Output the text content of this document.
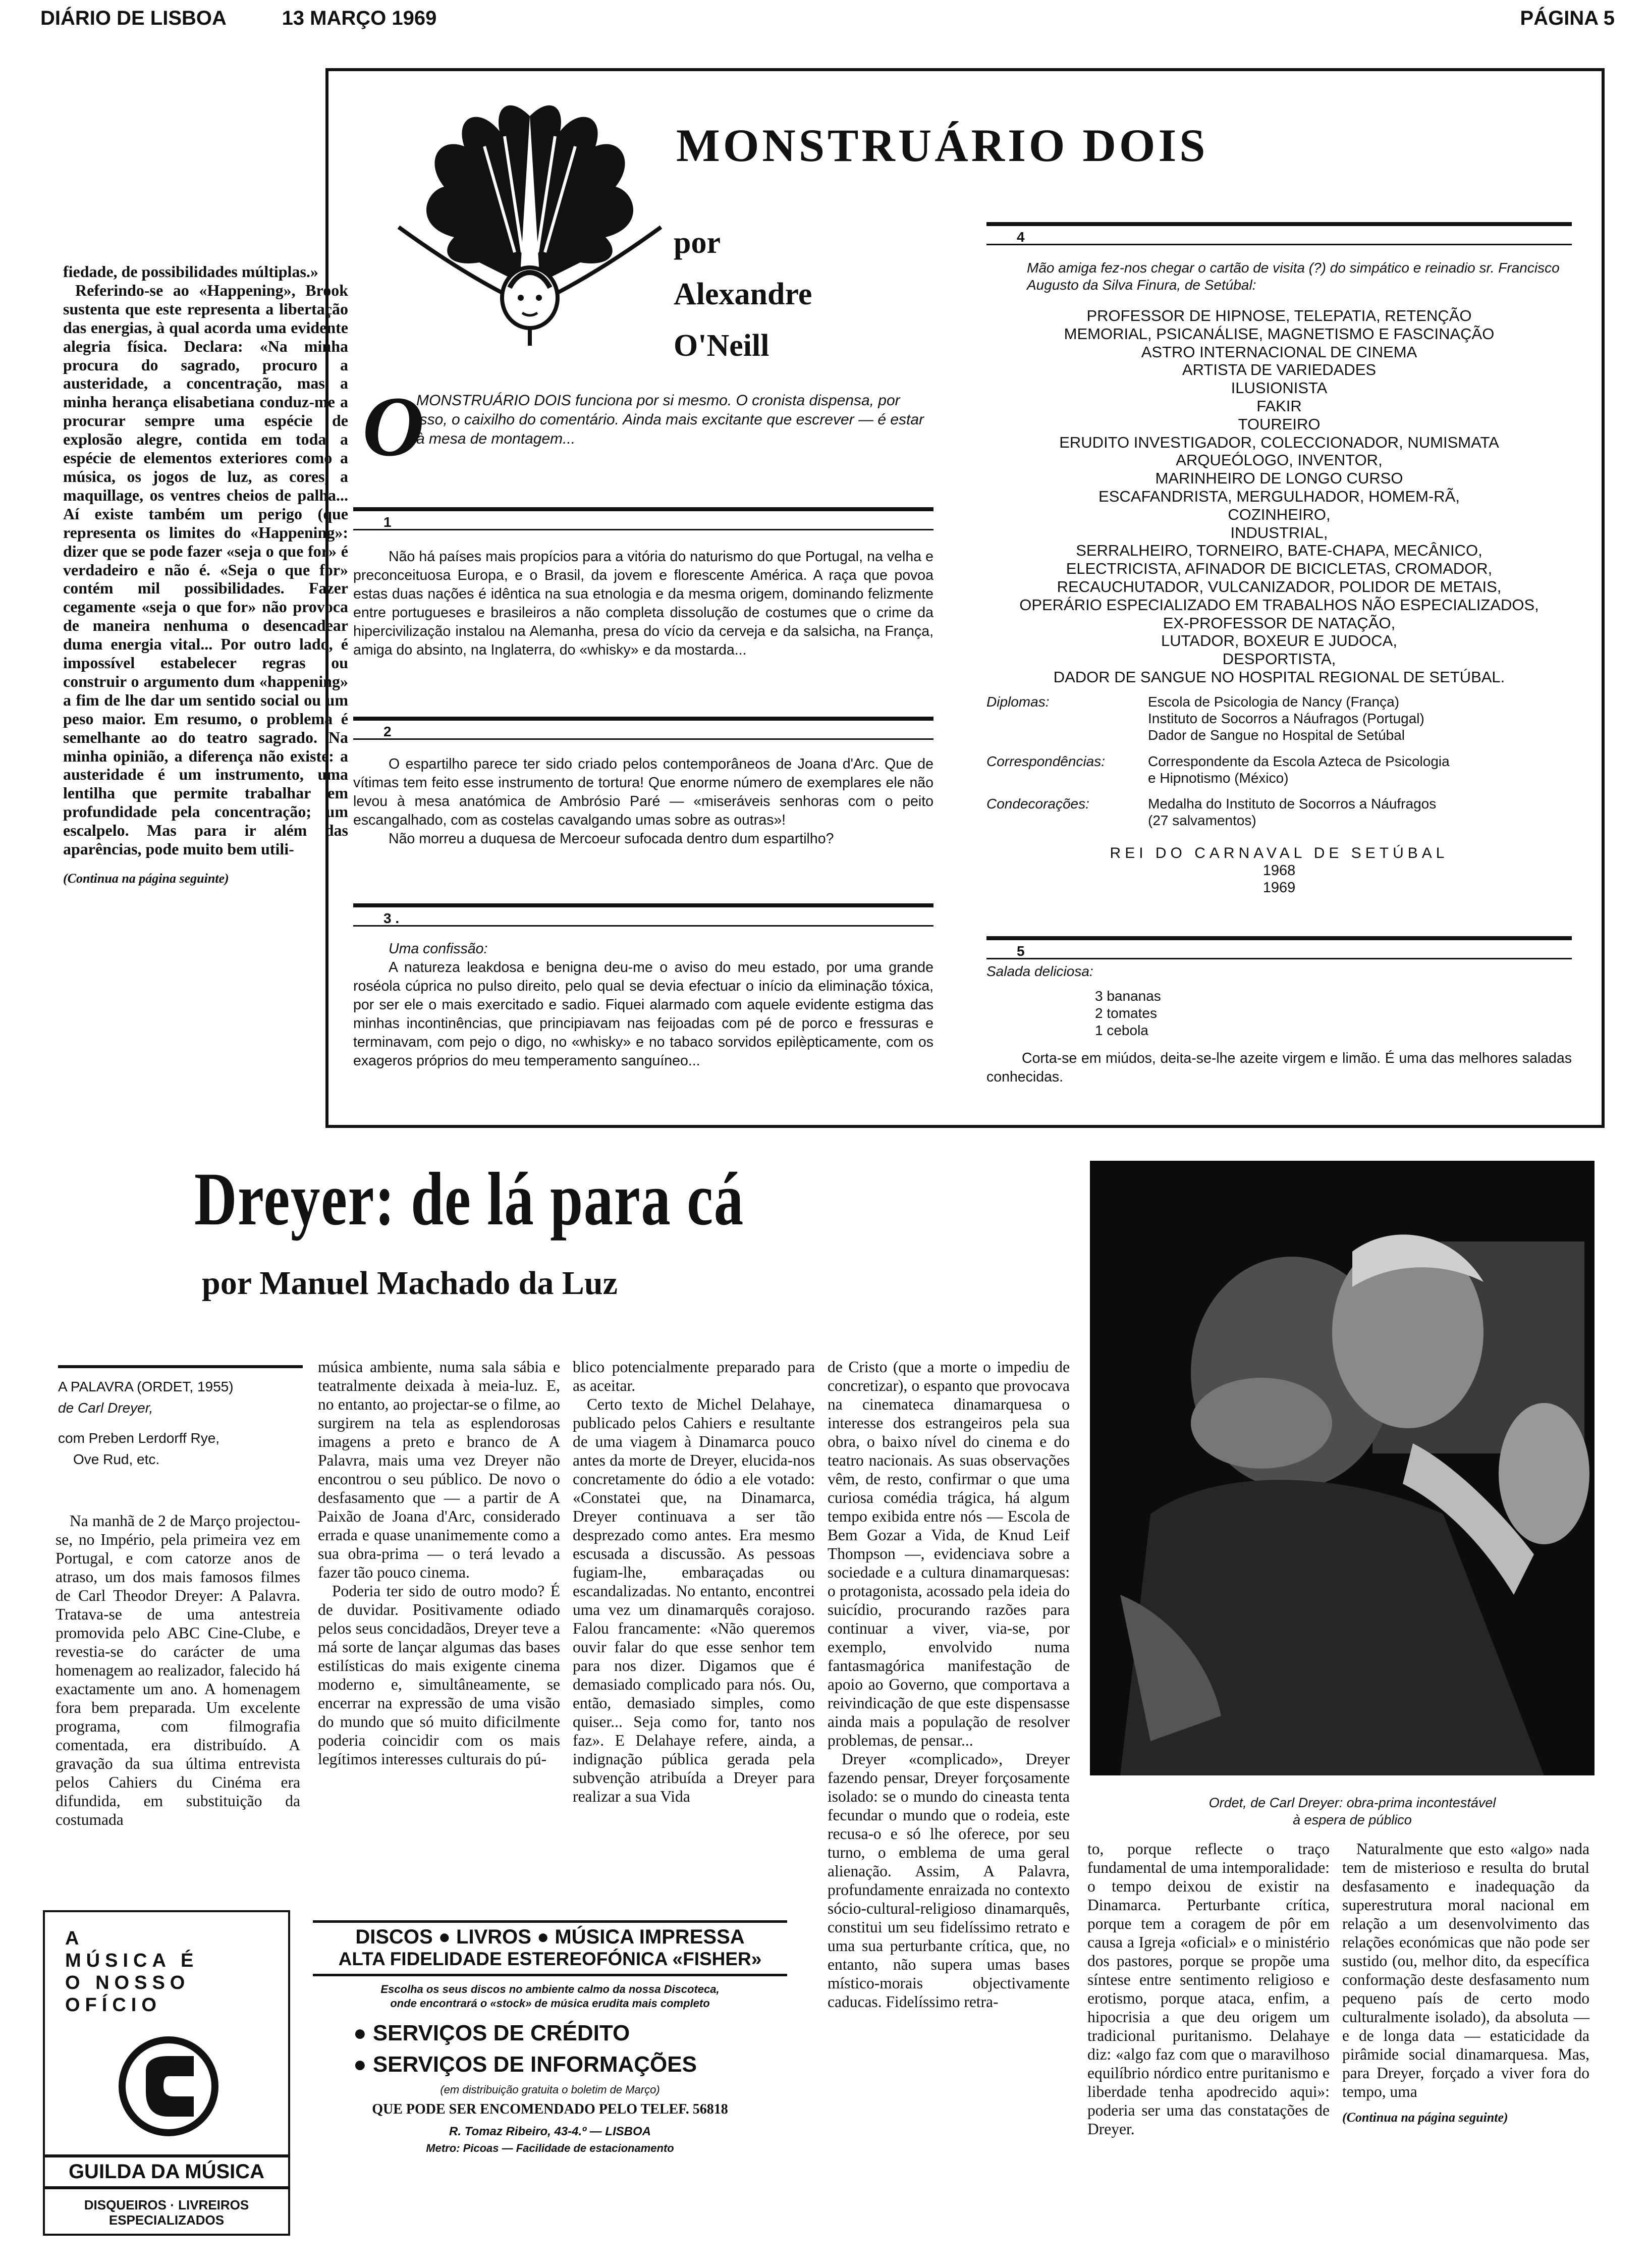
DIÁRIO DE LISBOA	13 MARÇO 1969	PÁGINA 5

fiedade, de possibilidades múltiplas.»

Referindo-se ao «Happening», Brook sustenta que este representa a libertação das energias, à qual acorda uma evidente alegria física. Declara: «Na minha procura do sagrado, procuro a austeridade, a concentração, mas a minha herança elisabetiana conduz-me a procurar sempre uma espécie de explosão alegre, contida em toda a espécie de elementos exteriores como a música, os jogos de luz, as cores, a maquillage, os ventres cheios de palha... Aí existe também um perigo (que representa os limites do «Happening»: dizer que se pode fazer «seja o que for» é verdadeiro e não é. «Seja o que for» contém mil possibilidades. Fazer cegamente «seja o que for» não provoca de maneira nenhuma o desencadear duma energia vital... Por outro lado, é impossível estabelecer regras ou construir o argumento dum «happening» a fim de lhe dar um sentido social ou um peso maior. Em resumo, o problema é semelhante ao do teatro sagrado. Na minha opinião, a diferença não existe: a austeridade é um instrumento, uma lentilha que permite trabalhar em profundidade pela concentração; um escalpelo. Mas para ir além das aparências, pode muito bem utili-

(Continua na página seguinte)

MONSTRUÁRIO DOIS
por
Alexandre
O'Neill
O
MONSTRUÁRIO DOIS funciona por si mesmo. O cronista dispensa, por isso, o caixilho do comentário. Ainda mais excitante que escrever — é estar à mesa de montagem...
1

Não há países mais propícios para a vitória do naturismo do que Portugal, na velha e preconceituosa Europa, e o Brasil, da jovem e florescente América. A raça que povoa estas duas nações é idêntica na sua etnologia e da mesma origem, dominando felizmente entre portugueses e brasileiros a não completa dissolução de costumes que o crime da hipercivilização instalou na Alemanha, presa do vício da cerveja e da salsicha, na França, amiga do absinto, na Inglaterra, do «whisky» e da mostarda...

2

O espartilho parece ter sido criado pelos contemporâneos de Joana d'Arc. Que de vítimas tem feito esse instrumento de tortura! Que enorme número de exemplares ele não levou à mesa anatómica de Ambrósio Paré — «miseráveis senhoras com o peito escangalhado, com as costelas cavalgando umas sobre as outras»!

Não morreu a duquesa de Mercoeur sufocada dentro dum espartilho?

3 .

Uma confissão:

A natureza leakdosa e benigna deu-me o aviso do meu estado, por uma grande roséola cúprica no pulso direito, pelo qual se devia efectuar o início da eliminação tóxica, por ser ele o mais exercitado e sadio. Fiquei alarmado com aquele evidente estigma das minhas incontinências, que principiavam nas feijoadas com pé de porco e fressuras e terminavam, com pejo o digo, no «whisky» e no tabaco sorvidos epilèpticamente, com os exageros próprios do meu temperamento sanguíneo...

4
Mão amiga fez-nos chegar o cartão de visita (?) do simpático e reinadio sr. Francisco Augusto da Silva Finura, de Setúbal:
PROFESSOR DE HIPNOSE, TELEPATIA, RETENÇÃO
MEMORIAL, PSICANÁLISE, MAGNETISMO E FASCINAÇÃO
ASTRO INTERNACIONAL DE CINEMA
ARTISTA DE VARIEDADES
ILUSIONISTA
FAKIR
TOUREIRO
ERUDITO INVESTIGADOR, COLECCIONADOR, NUMISMATA
ARQUEÓLOGO, INVENTOR,
MARINHEIRO DE LONGO CURSO
ESCAFANDRISTA, MERGULHADOR, HOMEM-RÃ,
COZINHEIRO,
INDUSTRIAL,
SERRALHEIRO, TORNEIRO, BATE-CHAPA, MECÂNICO,
ELECTRICISTA, AFINADOR DE BICICLETAS, CROMADOR,
RECAUCHUTADOR, VULCANIZADOR, POLIDOR DE METAIS,
OPERÁRIO ESPECIALIZADO EM TRABALHOS NÃO ESPECIALIZADOS,
EX-PROFESSOR DE NATAÇÃO,
LUTADOR, BOXEUR E JUDOCA,
DESPORTISTA,
DADOR DE SANGUE NO HOSPITAL REGIONAL DE SETÚBAL.
Diplomas:	Escola de Psicologia de Nancy (França)
Instituto de Socorros a Náufragos (Portugal)
Dador de Sangue no Hospital de Setúbal
Correspondências:	Correspondente da Escola Azteca de Psicologia
e Hipnotismo (México)
Condecorações:	Medalha do Instituto de Socorros a Náufragos
(27 salvamentos)
REI DO CARNAVAL DE SETÚBAL
1968
1969
5
Salada deliciosa:
3 bananas
2 tomates
1 cebola

Corta-se em miúdos, deita-se-lhe azeite virgem e limão. É uma das melhores saladas conhecidas.

Dreyer: de lá para cá
por Manuel Machado da Luz
A PALAVRA (ORDET, 1955)
de Carl Dreyer,
com Preben Lerdorff Rye,
Ove Rud, etc.

Na manhã de 2 de Março projectou-se, no Império, pela primeira vez em Portugal, e com catorze anos de atraso, um dos mais famosos filmes de Carl Theodor Dreyer: A Palavra. Tratava-se de uma antestreia promovida pelo ABC Cine-Clube, e revestia-se do carácter de uma homenagem ao realizador, falecido há exactamente um ano. A homenagem fora bem preparada. Um excelente programa, com filmografia comentada, era distribuído. A gravação da sua última entrevista pelos Cahiers du Cinéma era difundida, em substituição da costumada

música ambiente, numa sala sábia e teatralmente deixada à meia-luz. E, no entanto, ao projectar-se o filme, ao surgirem na tela as esplendorosas imagens a preto e branco de A Palavra, mais uma vez Dreyer não encontrou o seu público. De novo o desfasamento que — a partir de A Paixão de Joana d'Arc, considerado errada e quase unanimemente como a sua obra-prima — o terá levado a fazer tão pouco cinema.

Poderia ter sido de outro modo? É de duvidar. Positivamente odiado pelos seus concidadãos, Dreyer teve a má sorte de lançar algumas das bases estilísticas do mais exigente cinema moderno e, simultâneamente, se encerrar na expressão de uma visão do mundo que só muito dificilmente poderia coincidir com os mais legítimos interesses culturais do pú-

blico potencialmente preparado para as aceitar.

Certo texto de Michel Delahaye, publicado pelos Cahiers e resultante de uma viagem à Dinamarca pouco antes da morte de Dreyer, elucida-nos concretamente do ódio a ele votado: «Constatei que, na Dinamarca, Dreyer continuava a ser tão desprezado como antes. Era mesmo escusada a discussão. As pessoas fugiam-lhe, embaraçadas ou escandalizadas. No entanto, encontrei uma vez um dinamarquês corajoso. Falou francamente: «Não queremos ouvir falar do que esse senhor tem para nos dizer. Digamos que é demasiado complicado para nós. Ou, então, demasiado simples, como quiser... Seja como for, tanto nos faz». E Delahaye refere, ainda, a indignação pública gerada pela subvenção atribuída a Dreyer para realizar a sua Vida

de Cristo (que a morte o impediu de concretizar), o espanto que provocava na cinemateca dinamarquesa o interesse dos estrangeiros pela sua obra, o baixo nível do cinema e do teatro nacionais. As suas observações vêm, de resto, confirmar o que uma curiosa comédia trágica, há algum tempo exibida entre nós — Escola de Bem Gozar a Vida, de Knud Leif Thompson —, evidenciava sobre a sociedade e a cultura dinamarquesas: o protagonista, acossado pela ideia do suicídio, procurando razões para continuar a viver, via-se, por exemplo, envolvido numa fantasmagórica manifestação de apoio ao Governo, que comportava a reivindicação de que este dispensasse ainda mais a população de resolver problemas, de pensar...

Dreyer «complicado», Dreyer fazendo pensar, Dreyer forçosamente isolado: se o mundo do cineasta tenta fecundar o mundo que o rodeia, este recusa-o e só lhe oferece, por seu turno, o emblema de uma geral alienação. Assim, A Palavra, profundamente enraizada no contexto sócio-cultural-religioso dinamarquês, constitui um seu fidelíssimo retrato e uma sua perturbante crítica, que, no entanto, não supera umas bases místico-morais objectivamente caducas. Fidelíssimo retra-

to, porque reflecte o traço fundamental de uma intemporalidade: o tempo deixou de existir na Dinamarca. Perturbante crítica, porque tem a coragem de pôr em causa a Igreja «oficial» e o ministério dos pastores, porque se propõe uma síntese entre sentimento religioso e erotismo, porque ataca, enfim, a hipocrisia a que deu origem um tradicional puritanismo. Delahaye diz: «algo faz com que o maravilhoso equilíbrio nórdico entre puritanismo e liberdade tenha apodrecido aqui»: poderia ser uma das constatações de Dreyer.

Naturalmente que esto «algo» nada tem de misterioso e resulta do brutal desfasamento e inadequação da superestrutura moral nacional em relação a um desenvolvimento das relações económicas que não pode ser sustido (ou, melhor dito, da específica conformação deste desfasamento num pequeno país de certo modo culturalmente isolado), da absoluta — e de longa data — estaticidade da pirâmide social dinamarquesa. Mas, para Dreyer, forçado a viver fora do tempo, uma

(Continua na página seguinte)

Ordet, de Carl Dreyer: obra-prima incontestável
à espera de público
A
MÚSICA É
O NOSSO
OFÍCIO
GUILDA DA MÚSICA
DISQUEIROS · LIVREIROS
ESPECIALIZADOS
DISCOS ● LIVROS ● MÚSICA IMPRESSA
ALTA FIDELIDADE ESTEREOFÓNICA «FISHER»
Escolha os seus discos no ambiente calmo da nossa Discoteca,
onde encontrará o «stock» de música erudita mais completo
● SERVIÇOS DE CRÉDITO
● SERVIÇOS DE INFORMAÇÕES
(em distribuição gratuita o boletim de Março)
QUE PODE SER ENCOMENDADO PELO TELEF. 56818
R. Tomaz Ribeiro, 43-4.º — LISBOA
Metro: Picoas — Facilidade de estacionamento
